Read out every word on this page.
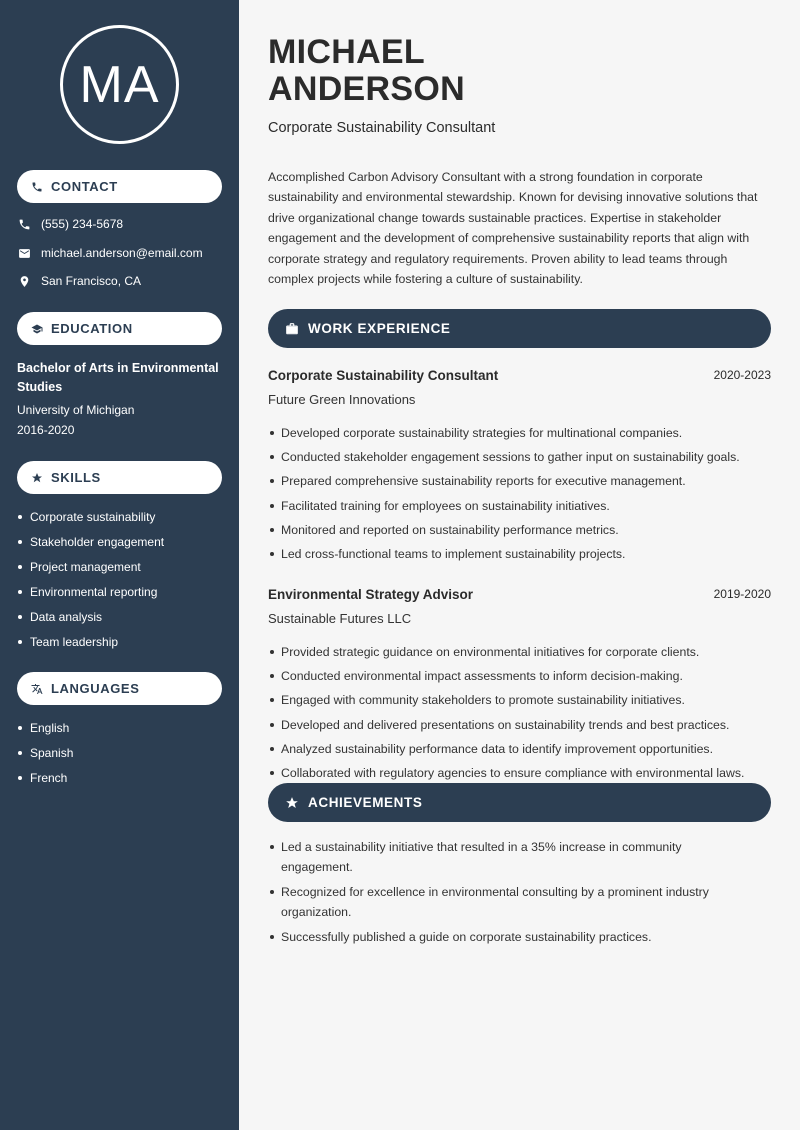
MA
CONTACT
(555) 234-5678
michael.anderson@email.com
San Francisco, CA
EDUCATION
Bachelor of Arts in Environmental Studies
University of Michigan
2016-2020
SKILLS
Corporate sustainability
Stakeholder engagement
Project management
Environmental reporting
Data analysis
Team leadership
LANGUAGES
English
Spanish
French
MICHAEL
ANDERSON
Corporate Sustainability Consultant

Accomplished Carbon Advisory Consultant with a strong foundation in corporate sustainability and environmental stewardship. Known for devising innovative solutions that drive organizational change towards sustainable practices. Expertise in stakeholder engagement and the development of comprehensive sustainability reports that align with corporate strategy and regulatory requirements. Proven ability to lead teams through complex projects while fostering a culture of sustainability.

WORK EXPERIENCE
Corporate Sustainability Consultant	2020-2023
Future Green Innovations
Developed corporate sustainability strategies for multinational companies.
Conducted stakeholder engagement sessions to gather input on sustainability goals.
Prepared comprehensive sustainability reports for executive management.
Facilitated training for employees on sustainability initiatives.
Monitored and reported on sustainability performance metrics.
Led cross-functional teams to implement sustainability projects.
Environmental Strategy Advisor	2019-2020
Sustainable Futures LLC
Provided strategic guidance on environmental initiatives for corporate clients.
Conducted environmental impact assessments to inform decision-making.
Engaged with community stakeholders to promote sustainability initiatives.
Developed and delivered presentations on sustainability trends and best practices.
Analyzed sustainability performance data to identify improvement opportunities.
Collaborated with regulatory agencies to ensure compliance with environmental laws.
ACHIEVEMENTS
Led a sustainability initiative that resulted in a 35% increase in community engagement.
Recognized for excellence in environmental consulting by a prominent industry organization.
Successfully published a guide on corporate sustainability practices.
